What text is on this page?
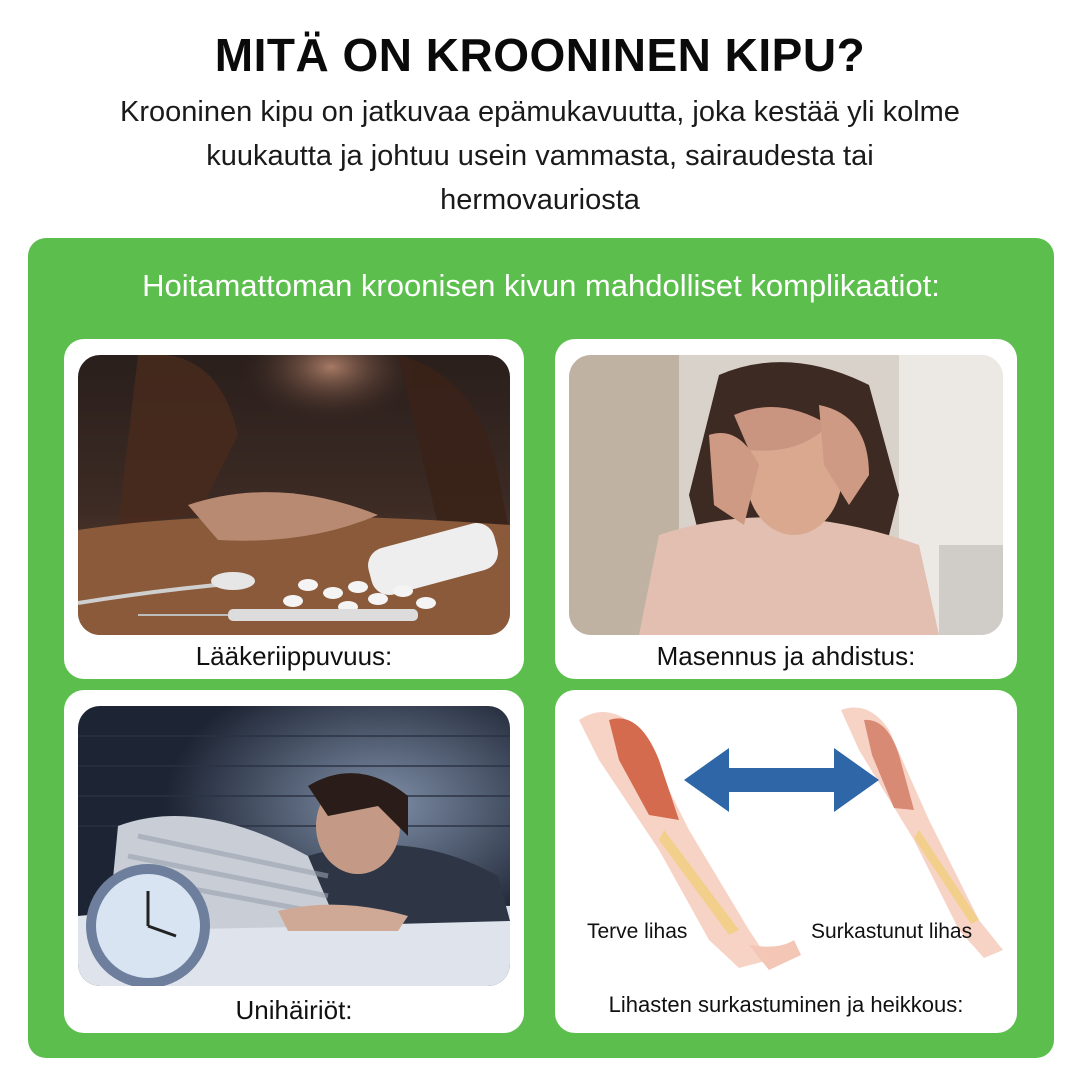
MITÄ ON KROONINEN KIPU?
Krooninen kipu on jatkuvaa epämukavuutta, joka kestää yli kolme kuukautta ja johtuu usein vammasta, sairaudesta tai hermovauriosta
Hoitamattoman kroonisen kivun mahdolliset komplikaatiot:
Lääkeriippuvuus:	Masennus ja ahdistus:
Unihäiriöt:
Terve lihas	Surkastunut lihas
Lihasten surkastuminen ja heikkous:
